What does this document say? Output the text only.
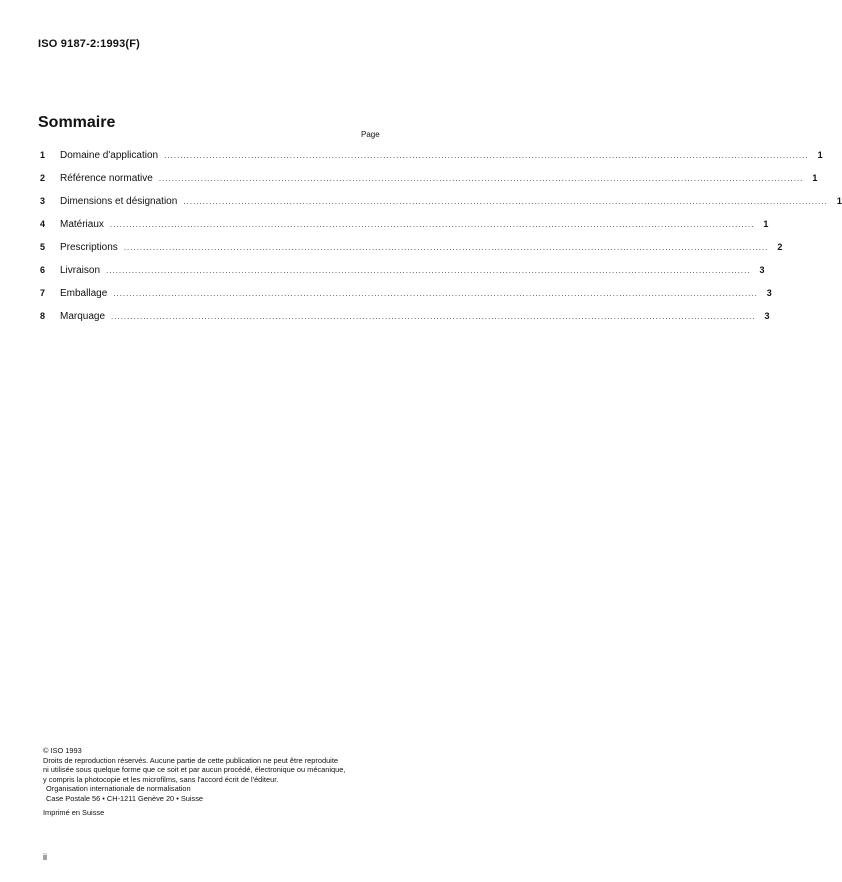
ISO 9187-2:1993(F)
Sommaire
Page
1	Domaine d'application ........................................................................................................................................................................................................ 1
2	Référence normative ........................................................................................................................................................................................................ 1
3	Dimensions et désignation ........................................................................................................................................................................................................ 1
4	Matériaux ........................................................................................................................................................................................................ 1
5	Prescriptions ........................................................................................................................................................................................................ 2
6	Livraison ........................................................................................................................................................................................................ 3
7	Emballage ........................................................................................................................................................................................................ 3
8	Marquage ........................................................................................................................................................................................................ 3
© ISO 1993
Droits de reproduction réservés. Aucune partie de cette publication ne peut être reproduite
ni utilisée sous quelque forme que ce soit et par aucun procédé, électronique ou mécanique,
y compris la photocopie et les microfilms, sans l'accord écrit de l'éditeur.
Organisation internationale de normalisation
Case Postale 56 • CH-1211 Genève 20 • Suisse
Imprimé en Suisse
ii
